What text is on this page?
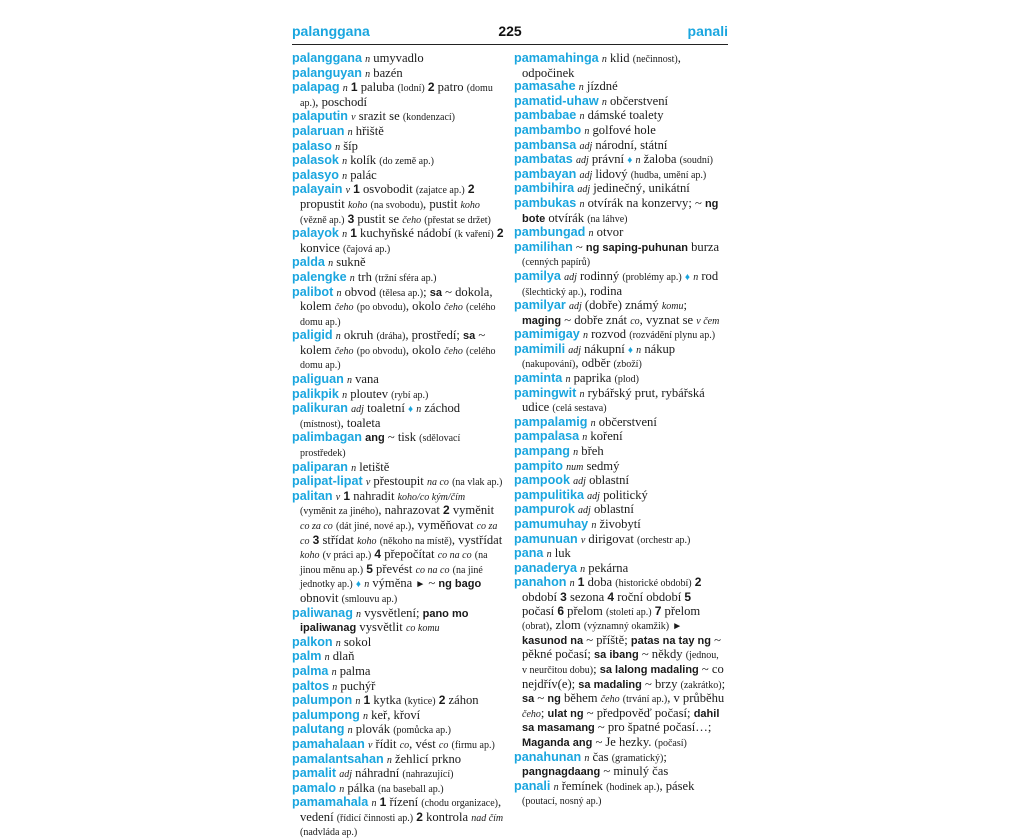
palanggana	225	panali

palanggana n umyvadlo

palanguyan n bazén

palapag n 1 paluba (lodní) 2 patro (domu ap.), poschodí

palaputin v srazit se (kondenzací)

palaruan n hřiště

palaso n šíp

palasok n kolík (do země ap.)

palasyo n palác

palayain v 1 osvobodit (zajatce ap.) 2 propustit koho (na svobodu), pustit koho (vězně ap.) 3 pustit se čeho (přestat se držet)

palayok n 1 kuchyňské nádobí (k vaření) 2 konvice (čajová ap.)

palda n sukně

palengke n trh (tržní sféra ap.)

palibot n obvod (tělesa ap.); sa ~ dokola, kolem čeho (po obvodu), okolo čeho (celého domu ap.)

paligid n okruh (dráha), prostředí; sa ~ kolem čeho (po obvodu), okolo čeho (celého domu ap.)

paliguan n vana

palikpik n ploutev (rybí ap.)

palikuran adj toaletní ♦ n záchod (místnost), toaleta

palimbagan ang ~ tisk (sdělovací prostředek)

paliparan n letiště

palipat-lipat v přestoupit na co (na vlak ap.)

palitan v 1 nahradit koho/co kým/čím (vyměnit za jiného), nahrazovat 2 vyměnit co za co (dát jiné, nové ap.), vyměňovat co za co 3 střídat koho (někoho na místě), vystřídat koho (v práci ap.) 4 přepočítat co na co (na jinou měnu ap.) 5 převést co na co (na jiné jednotky ap.) ♦ n výměna ► ~ ng bago obnovit (smlouvu ap.)

paliwanag n vysvětlení; pano mo ipaliwanag vysvětlit co komu

palkon n sokol

palm n dlaň

palma n palma

paltos n puchýř

palumpon n 1 kytka (kytice) 2 záhon

palumpong n keř, křoví

palutang n plovák (pomůcka ap.)

pamahalaan v řídit co, vést co (firmu ap.)

pamalantsahan n žehlicí prkno

pamalit adj náhradní (nahrazující)

pamalo n pálka (na baseball ap.)

pamamahala n 1 řízení (chodu organizace), vedení (řídicí činnosti ap.) 2 kontrola nad čím (nadvláda ap.)

pamamahinga n klid (nečinnost), odpočinek

pamasahe n jízdné

pamatid-uhaw n občerstvení

pambabae n dámské toalety

pambambo n golfové hole

pambansa adj národní, státní

pambatas adj právní ♦ n žaloba (soudní)

pambayan adj lidový (hudba, umění ap.)

pambihira adj jedinečný, unikátní

pambukas n otvírák na konzervy; ~ ng bote otvírák (na láhve)

pambungad n otvor

pamilihan ~ ng saping-puhunan burza (cenných papírů)

pamilya adj rodinný (problémy ap.) ♦ n rod (šlechtický ap.), rodina

pamilyar adj (dobře) známý komu; maging ~ dobře znát co, vyznat se v čem

pamimigay n rozvod (rozvádění plynu ap.)

pamimili adj nákupní ♦ n nákup (nakupování), odběr (zboží)

paminta n paprika (plod)

pamingwit n rybářský prut, rybářská udice (celá sestava)

pampalamig n občerstvení

pampalasa n koření

pampang n břeh

pampito num sedmý

pampook adj oblastní

pampulitika adj politický

pampurok adj oblastní

pamumuhay n živobytí

pamunuan v dirigovat (orchestr ap.)

pana n luk

panaderya n pekárna

panahon n 1 doba (historické období) 2 období 3 sezona 4 roční období 5 počasí 6 přelom (století ap.) 7 přelom (obrat), zlom (významný okamžik) ► kasunod na ~ příště; patas na tay ng ~ pěkné počasí; sa ibang ~ někdy (jednou, v neurčitou dobu); sa lalong madaling ~ co nejdřív(e); sa madaling ~ brzy (zakrátko); sa ~ ng během čeho (trvání ap.), v průběhu čeho; ulat ng ~ předpověď počasí; dahil sa masamang ~ pro špatné počasí…; Maganda ang ~ Je hezky. (počasí)

panahunan n čas (gramatický); pangnagdaang ~ minulý čas

panali n řemínek (hodinek ap.), pásek (poutací, nosný ap.)
